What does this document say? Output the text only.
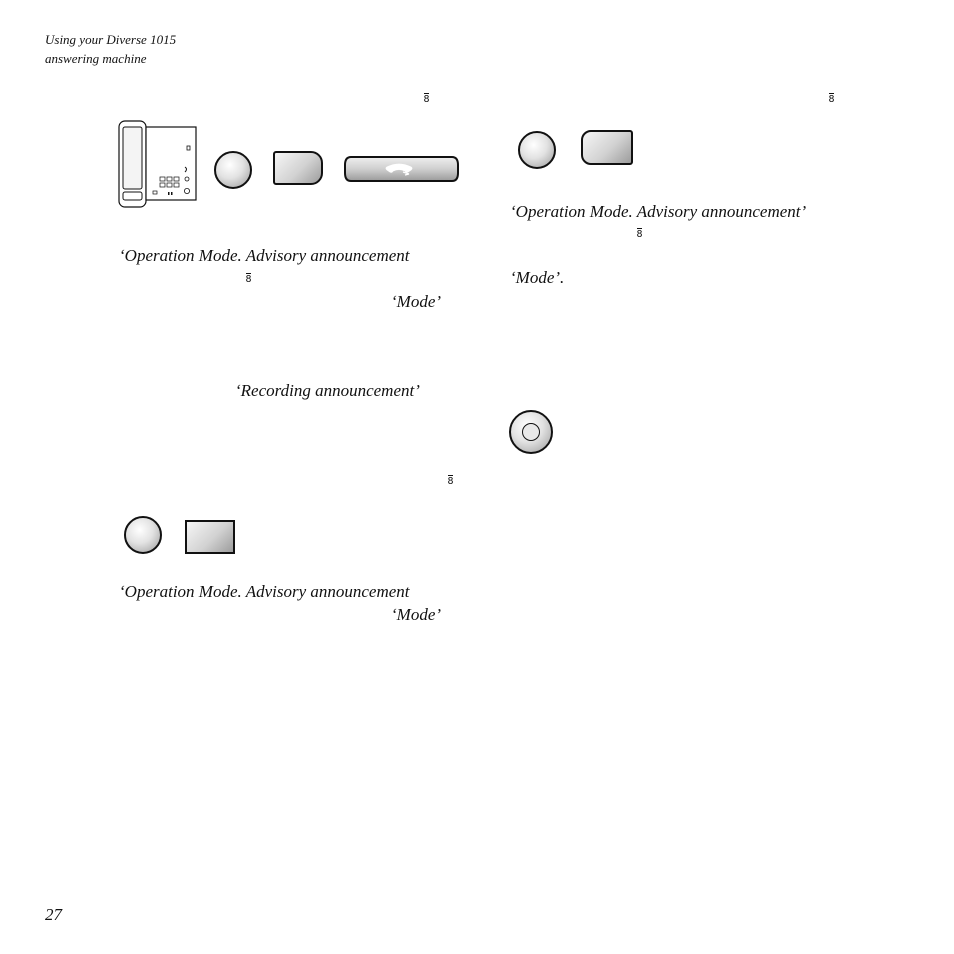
Using your Diverse 1015
answering machine
8
‘Operation Mode. Advisory announcement
8
‘Mode’
‘Recording announcement’
8
‘Operation Mode. Advisory announcement
‘Mode’
8
‘Operation Mode. Advisory announcement’
8
‘Mode’.
27
